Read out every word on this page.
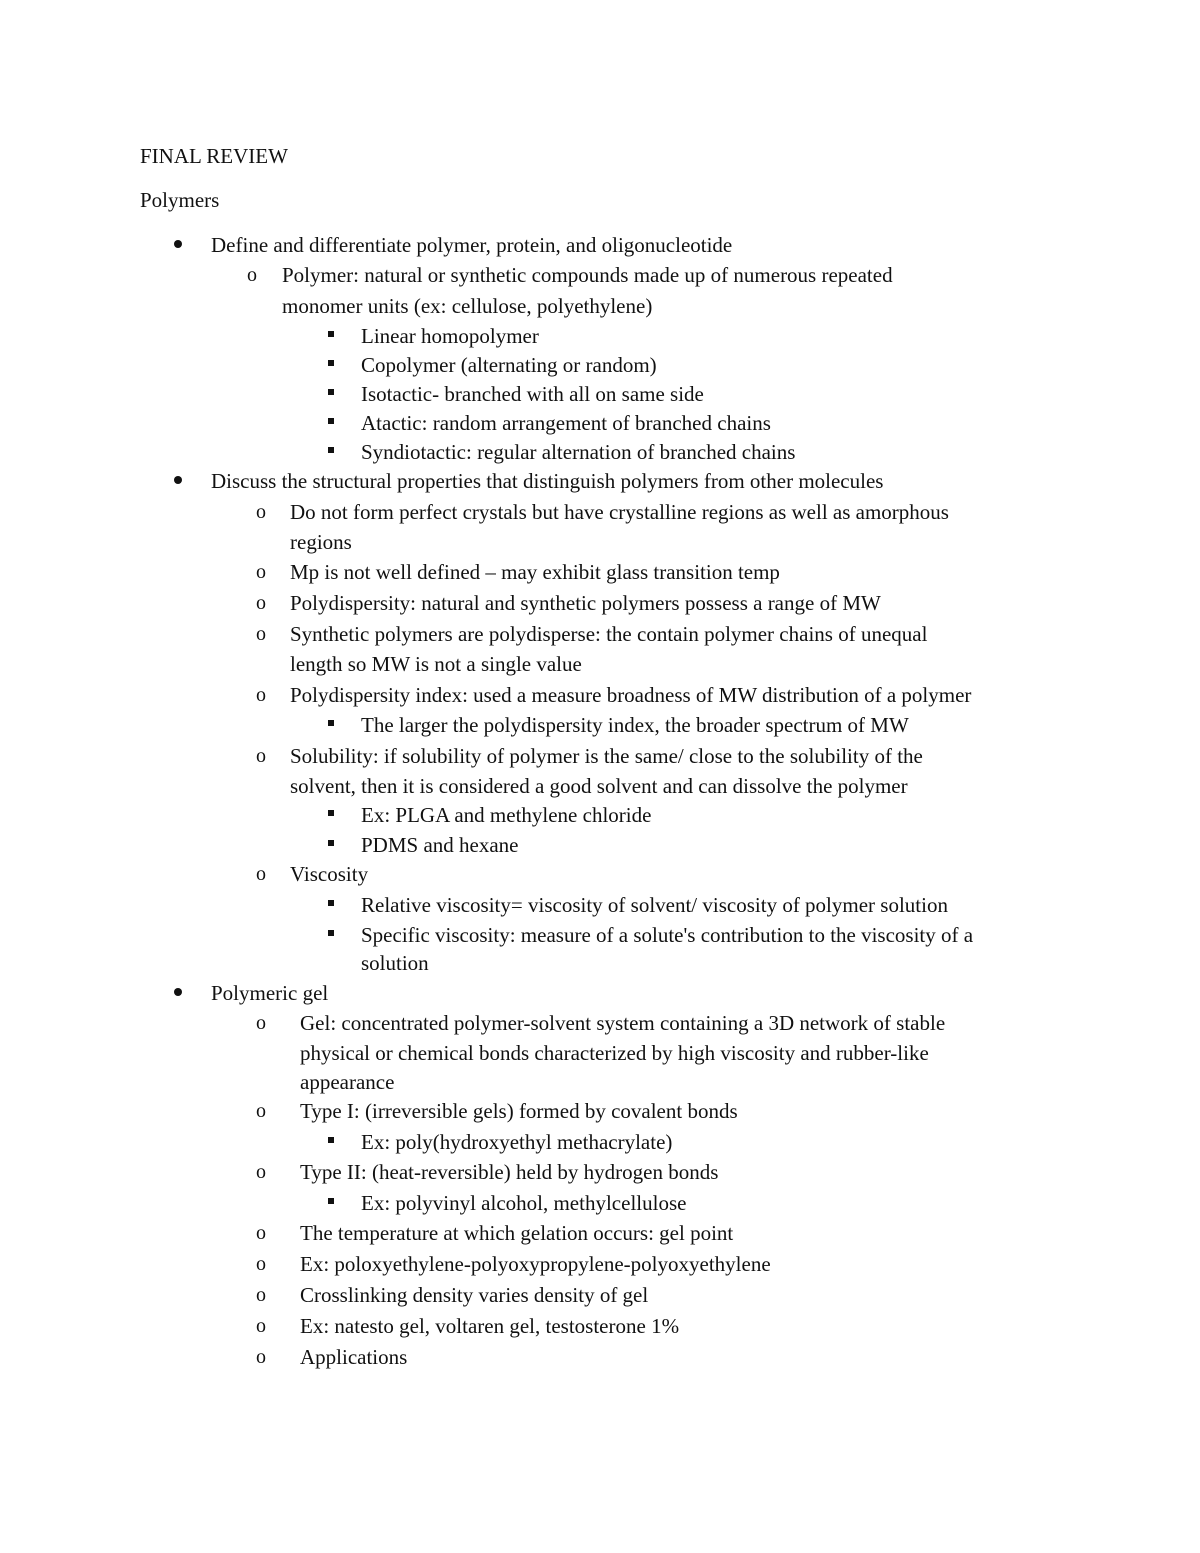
FINAL REVIEW
Polymers
Define and differentiate polymer, protein, and oligonucleotide
o Polymer: natural or synthetic compounds made up of numerous repeated
monomer units (ex: cellulose, polyethylene)
Linear homopolymer
Copolymer (alternating or random)
Isotactic- branched with all on same side
Atactic: random arrangement of branched chains
Syndiotactic: regular alternation of branched chains
Discuss the structural properties that distinguish polymers from other molecules
o Do not form perfect crystals but have crystalline regions as well as amorphous
regions
o Mp is not well defined – may exhibit glass transition temp
o Polydispersity: natural and synthetic polymers possess a range of MW
o Synthetic polymers are polydisperse: the contain polymer chains of unequal
length so MW is not a single value
o Polydispersity index: used a measure broadness of MW distribution of a polymer
The larger the polydispersity index, the broader spectrum of MW
o Solubility: if solubility of polymer is the same/ close to the solubility of the
solvent, then it is considered a good solvent and can dissolve the polymer
Ex: PLGA and methylene chloride
PDMS and hexane
o Viscosity
Relative viscosity= viscosity of solvent/ viscosity of polymer solution
Specific viscosity: measure of a solute's contribution to the viscosity of a
solution
Polymeric gel
o Gel: concentrated polymer-solvent system containing a 3D network of stable
physical or chemical bonds characterized by high viscosity and rubber-like
appearance
o Type I: (irreversible gels) formed by covalent bonds
Ex: poly(hydroxyethyl methacrylate)
o Type II: (heat-reversible) held by hydrogen bonds
Ex: polyvinyl alcohol, methylcellulose
o The temperature at which gelation occurs: gel point
o Ex: poloxyethylene-polyoxypropylene-polyoxyethylene
o Crosslinking density varies density of gel
o Ex: natesto gel, voltaren gel, testosterone 1%
o Applications
